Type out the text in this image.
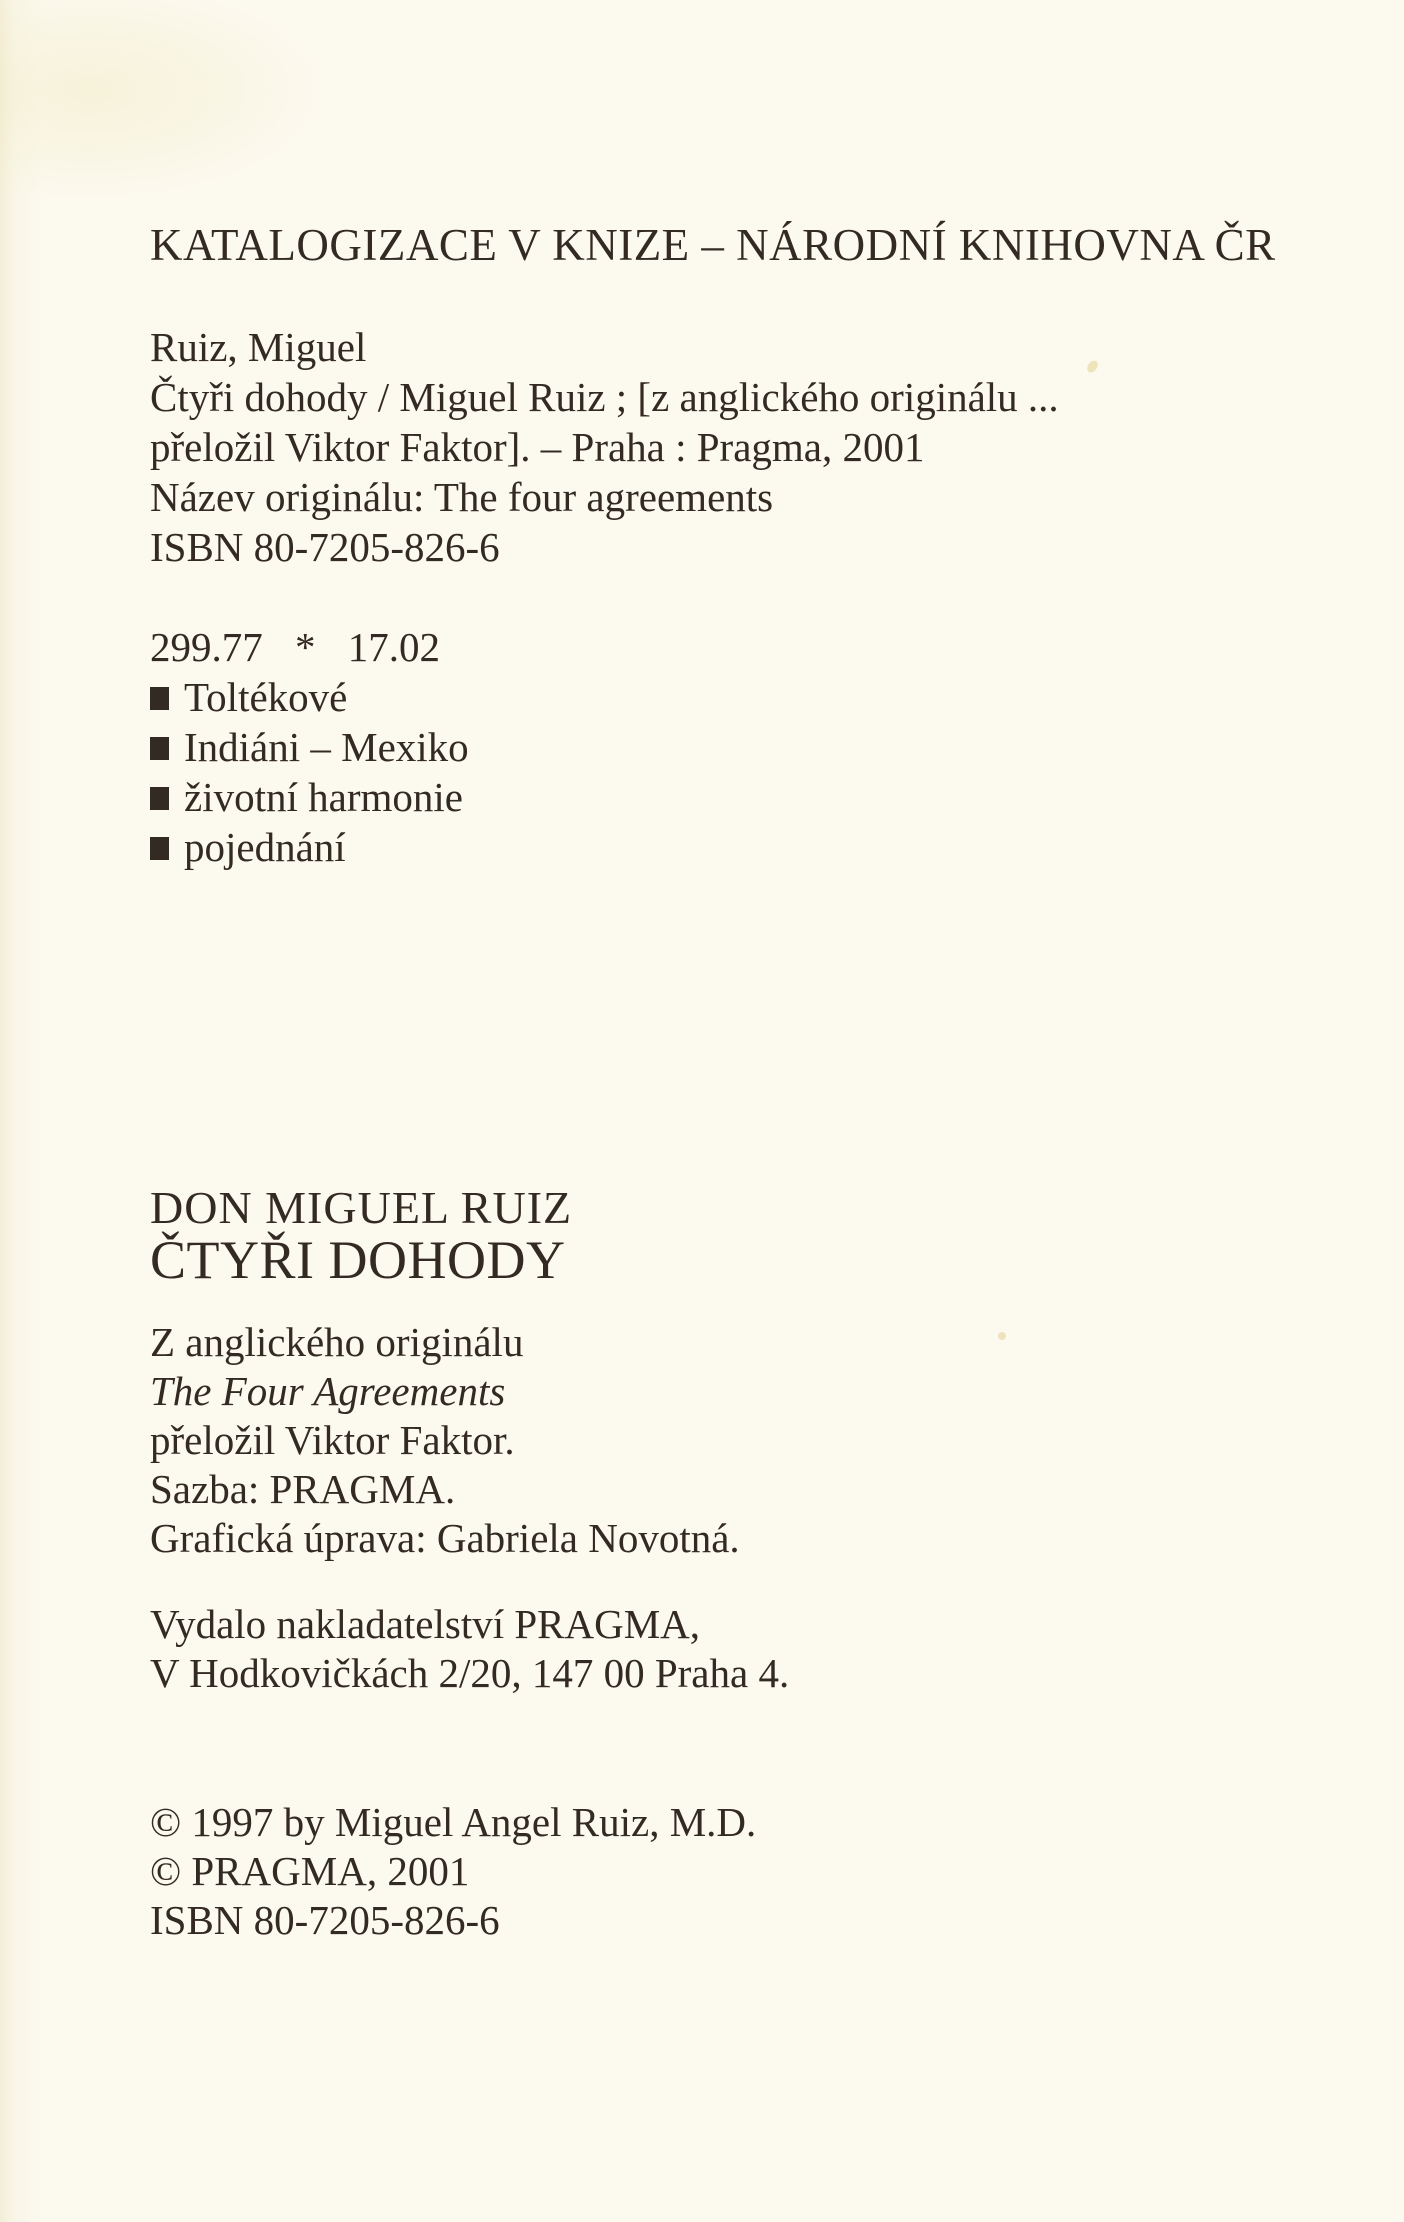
KATALOGIZACE V KNIZE – NÁRODNÍ KNIHOVNA ČR
Ruiz, Miguel
Čtyři dohody / Miguel Ruiz ; [z anglického originálu ...
přeložil Viktor Faktor]. – Praha : Pragma, 2001
Název originálu: The four agreements
ISBN 80-7205-826-6
299.77 * 17.02
Toltékové
Indiáni – Mexiko
životní harmonie
pojednání
DON MIGUEL RUIZ
ČTYŘI DOHODY
Z anglického originálu
The Four Agreements
přeložil Viktor Faktor.
Sazba: PRAGMA.
Grafická úprava: Gabriela Novotná.
Vydalo nakladatelství PRAGMA,
V Hodkovičkách 2/20, 147 00 Praha 4.
© 1997 by Miguel Angel Ruiz, M.D.
© PRAGMA, 2001
ISBN 80-7205-826-6
